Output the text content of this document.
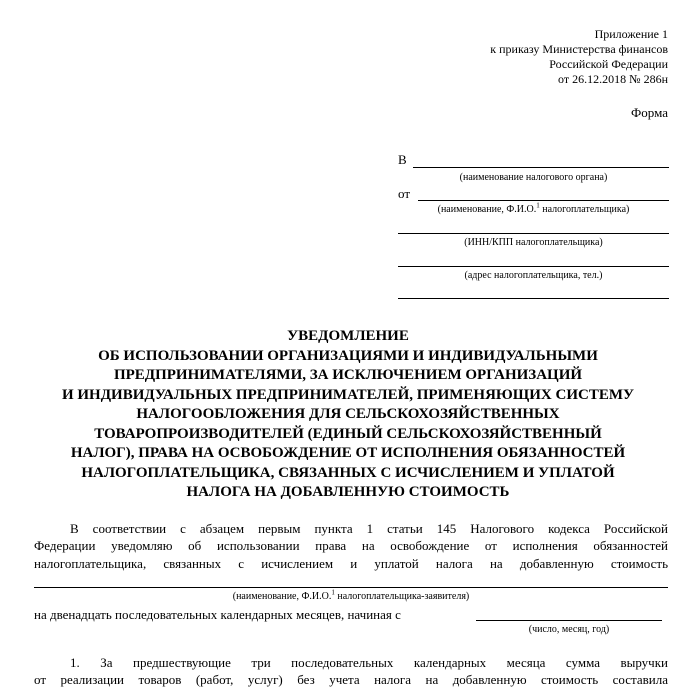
Приложение 1
к приказу Министерства финансов
Российской Федерации
от 26.12.2018 № 286н
Форма
В
(наименование налогового органа)
от
(наименование, Ф.И.О.$^1$ налогоплательщика)
(ИНН/КПП налогоплательщика)
(адрес налогоплательщика, тел.)
УВЕДОМЛЕНИЕ
ОБ ИСПОЛЬЗОВАНИИ ОРГАНИЗАЦИЯМИ И ИНДИВИДУАЛЬНЫМИ
ПРЕДПРИНИМАТЕЛЯМИ, ЗА ИСКЛЮЧЕНИЕМ ОРГАНИЗАЦИЙ
И ИНДИВИДУАЛЬНЫХ ПРЕДПРИНИМАТЕЛЕЙ, ПРИМЕНЯЮЩИХ СИСТЕМУ
НАЛОГООБЛОЖЕНИЯ ДЛЯ СЕЛЬСКОХОЗЯЙСТВЕННЫХ
ТОВАРОПРОИЗВОДИТЕЛЕЙ (ЕДИНЫЙ СЕЛЬСКОХОЗЯЙСТВЕННЫЙ
НАЛОГ), ПРАВА НА ОСВОБОЖДЕНИЕ ОТ ИСПОЛНЕНИЯ ОБЯЗАННОСТЕЙ
НАЛОГОПЛАТЕЛЬЩИКА, СВЯЗАННЫХ С ИСЧИСЛЕНИЕМ И УПЛАТОЙ
НАЛОГА НА ДОБАВЛЕННУЮ СТОИМОСТЬ
В соответствии с абзацем первым пункта 1 статьи 145 Налогового кодекса Российской
Федерации уведомляю об использовании права на освобождение от исполнения обязанностей
налогоплательщика, связанных с исчислением и уплатой налога на добавленную стоимость
(наименование, Ф.И.О.$^1$ налогоплательщика-заявителя)
на двенадцать последовательных календарных месяцев, начиная с
(число, месяц, год)
1. За предшествующие три последовательных календарных месяца сумма выручки
от реализации товаров (работ, услуг) без учета налога на добавленную стоимость составила
